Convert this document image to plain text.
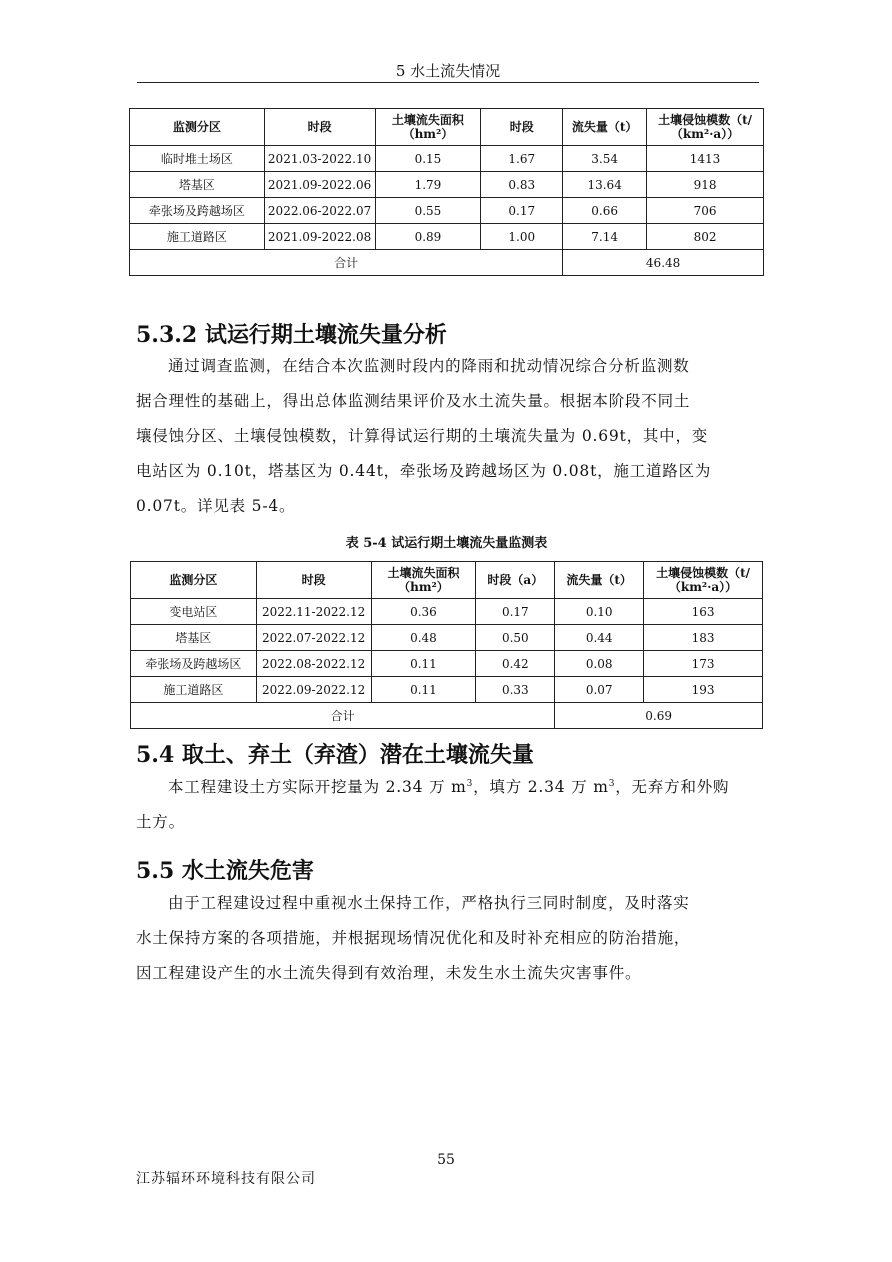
5 水土流失情况
监测分区	时段	土壤流失面积（hm²）	时段	流失量（t）	土壤侵蚀模数（t/（km²·a））
临时堆土场区	2021.03-2022.10	0.15	1.67	3.54	1413
塔基区	2021.09-2022.06	1.79	0.83	13.64	918
牵张场及跨越场区	2022.06-2022.07	0.55	0.17	0.66	706
施工道路区	2021.09-2022.08	0.89	1.00	7.14	802
合计				46.48	
5.3.2 试运行期土壤流失量分析
通过调查监测，在结合本次监测时段内的降雨和扰动情况综合分析监测数
据合理性的基础上，得出总体监测结果评价及水土流失量。根据本阶段不同土
壤侵蚀分区、土壤侵蚀模数，计算得试运行期的土壤流失量为 0.69t，其中，变
电站区为 0.10t，塔基区为 0.44t，牵张场及跨越场区为 0.08t，施工道路区为
0.07t。详见表 5-4。
表 5-4 试运行期土壤流失量监测表
监测分区	时段	土壤流失面积（hm²）	时段（a）	流失量（t）	土壤侵蚀模数（t/（km²·a））
变电站区	2022.11-2022.12	0.36	0.17	0.10	163
塔基区	2022.07-2022.12	0.48	0.50	0.44	183
牵张场及跨越场区	2022.08-2022.12	0.11	0.42	0.08	173
施工道路区	2022.09-2022.12	0.11	0.33	0.07	193
合计				0.69	
5.4 取土、弃土（弃渣）潜在土壤流失量
本工程建设土方实际开挖量为 2.34 万 $m^3$，填方 2.34 万 $m^3$，无弃方和外购
土方。
5.5 水土流失危害
由于工程建设过程中重视水土保持工作，严格执行三同时制度，及时落实
水土保持方案的各项措施，并根据现场情况优化和及时补充相应的防治措施，
因工程建设产生的水土流失得到有效治理，未发生水土流失灾害事件。
55
江苏辐环环境科技有限公司
